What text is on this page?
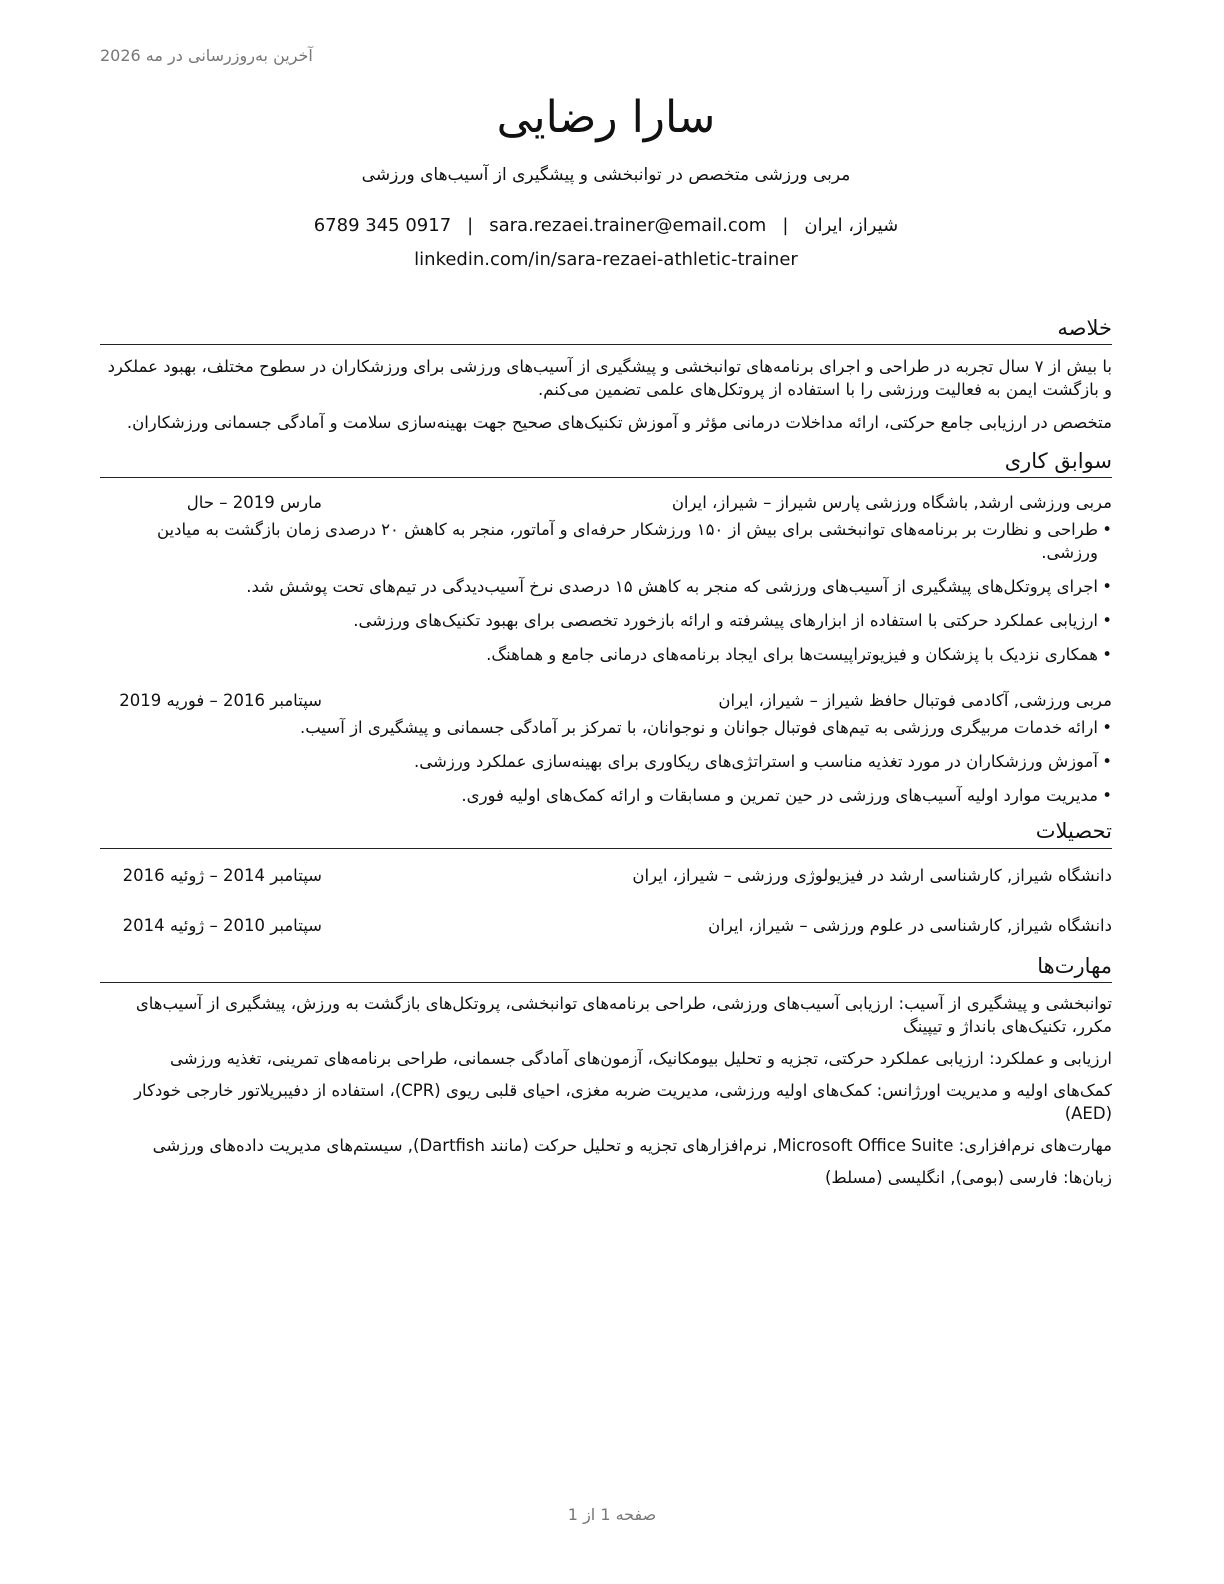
آخرین به‌روزرسانی در مه 2026
سارا رضایی
مربی ورزشی متخصص در توانبخشی و پیشگیری از آسیب‌های ورزشی
شیراز، ایران|sara.rezaei.trainer@email.com|6789 345 0917
linkedin.com/in/sara-rezaei-athletic-trainer
خلاصه

با بیش از ۷ سال تجربه در طراحی و اجرای برنامه‌های توانبخشی و پیشگیری از آسیب‌های ورزشی برای ورزشکاران در سطوح مختلف، بهبود عملکرد و بازگشت ایمن به فعالیت ورزشی را با استفاده از پروتکل‌های علمی تضمین می‌کنم.

متخصص در ارزیابی جامع حرکتی، ارائه مداخلات درمانی مؤثر و آموزش تکنیک‌های صحیح جهت بهینه‌سازی سلامت و آمادگی جسمانی ورزشکاران.

سوابق کاری
مربی ورزشی ارشد, باشگاه ورزشی پارس شیراز – شیراز، ایران
مارس 2019 – حال
•
طراحی و نظارت بر برنامه‌های توانبخشی برای بیش از ۱۵۰ ورزشکار حرفه‌ای و آماتور، منجر به کاهش ۲۰ درصدی زمان بازگشت به میادین ورزشی.
•
اجرای پروتکل‌های پیشگیری از آسیب‌های ورزشی که منجر به کاهش ۱۵ درصدی نرخ آسیب‌دیدگی در تیم‌های تحت پوشش شد.
•
ارزیابی عملکرد حرکتی با استفاده از ابزارهای پیشرفته و ارائه بازخورد تخصصی برای بهبود تکنیک‌های ورزشی.
•
همکاری نزدیک با پزشکان و فیزیوتراپیست‌ها برای ایجاد برنامه‌های درمانی جامع و هماهنگ.
مربی ورزشی, آکادمی فوتبال حافظ شیراز – شیراز، ایران
سپتامبر 2016 – فوریه 2019
•
ارائه خدمات مربیگری ورزشی به تیم‌های فوتبال جوانان و نوجوانان، با تمرکز بر آمادگی جسمانی و پیشگیری از آسیب.
•
آموزش ورزشکاران در مورد تغذیه مناسب و استراتژی‌های ریکاوری برای بهینه‌سازی عملکرد ورزشی.
•
مدیریت موارد اولیه آسیب‌های ورزشی در حین تمرین و مسابقات و ارائه کمک‌های اولیه فوری.
تحصیلات
دانشگاه شیراز, کارشناسی ارشد در فیزیولوژی ورزشی – شیراز، ایران
سپتامبر 2014 – ژوئیه 2016
دانشگاه شیراز, کارشناسی در علوم ورزشی – شیراز، ایران
سپتامبر 2010 – ژوئیه 2014
مهارت‌ها

توانبخشی و پیشگیری از آسیب: ارزیابی آسیب‌های ورزشی، طراحی برنامه‌های توانبخشی، پروتکل‌های بازگشت به ورزش، پیشگیری از آسیب‌های مکرر، تکنیک‌های بانداژ و تیپینگ

ارزیابی و عملکرد: ارزیابی عملکرد حرکتی، تجزیه و تحلیل بیومکانیک، آزمون‌های آمادگی جسمانی، طراحی برنامه‌های تمرینی، تغذیه ورزشی

کمک‌های اولیه و مدیریت اورژانس: کمک‌های اولیه ورزشی، مدیریت ضربه مغزی، احیای قلبی ریوی (CPR)، استفاده از دفیبریلاتور خارجی خودکار (AED)

مهارت‌های نرم‌افزاری: Microsoft Office Suite, نرم‌افزارهای تجزیه و تحلیل حرکت (مانند Dartfish), سیستم‌های مدیریت داده‌های ورزشی

زبان‌ها: فارسی (بومی), انگلیسی (مسلط)

صفحه 1 از 1
